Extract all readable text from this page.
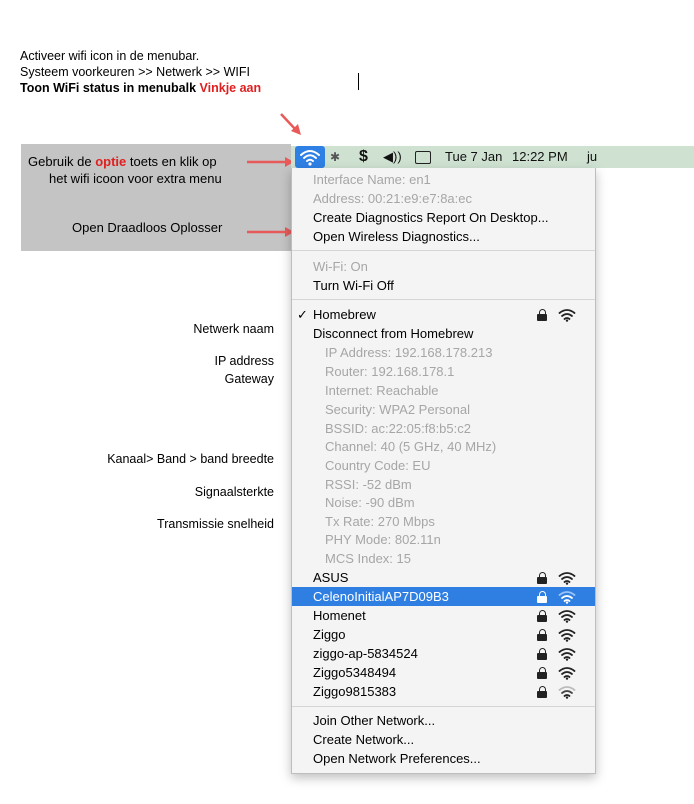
Activeer wifi icon in de menubar.
Systeem voorkeuren >> Netwerk >> WIFI
Toon WiFi status in menubalk Vinkje aan
Gebruik de optie toets en klik op
het wifi icoon voor extra menu
Open Draadloos Oplosser
Netwerk naam
IP address
Gateway
Kanaal> Band > band breedte
Signaalsterkte
Transmissie snelheid
✱ $ ◀))	Tue 7 Jan 12:22 PM ju
Interface Name: en1
Address: 00:21:e9:e7:8a:ec
Create Diagnostics Report On Desktop...
Open Wireless Diagnostics...
Wi-Fi: On
Turn Wi-Fi Off
✓ Homebrew
Disconnect from Homebrew
IP Address: 192.168.178.213
Router: 192.168.178.1
Internet: Reachable
Security: WPA2 Personal
BSSID: ac:22:05:f8:b5:c2
Channel: 40 (5 GHz, 40 MHz)
Country Code: EU
RSSI: -52 dBm
Noise: -90 dBm
Tx Rate: 270 Mbps
PHY Mode: 802.11n
MCS Index: 15
ASUS
CelenoInitialAP7D09B3
Homenet
Ziggo
ziggo-ap-5834524
Ziggo5348494
Ziggo9815383
Join Other Network...
Create Network...
Open Network Preferences...
